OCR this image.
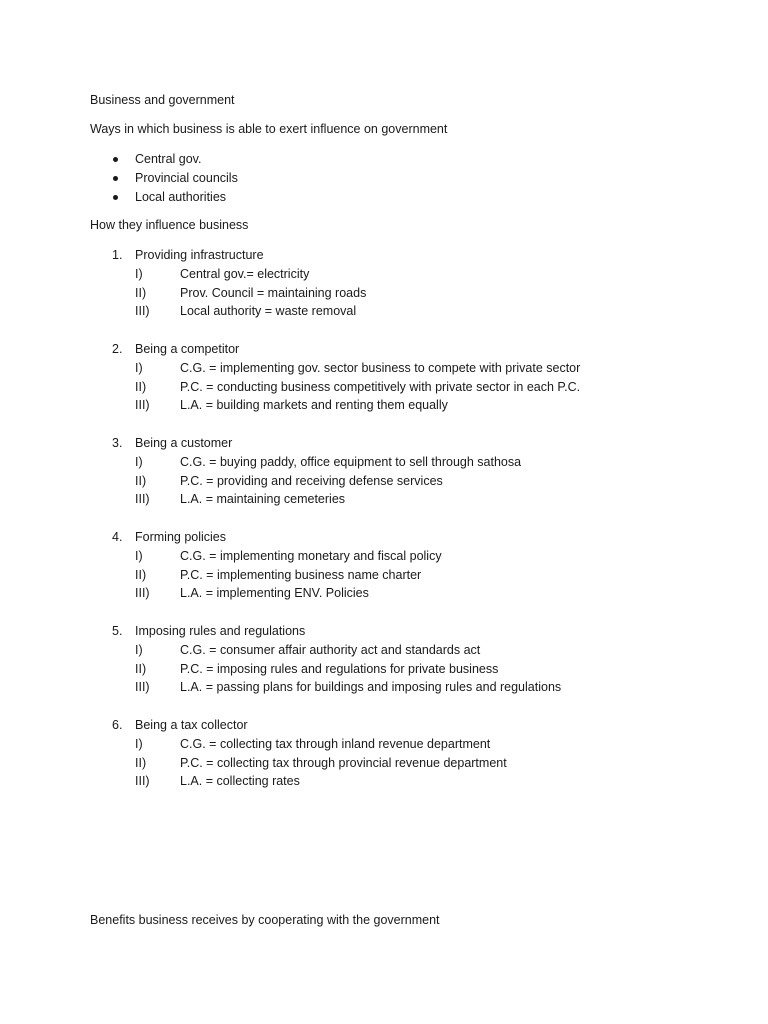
Business and government
Ways in which business is able to exert influence on government
Central gov.
Provincial councils
Local authorities
How they influence business
1. Providing infrastructure
I)	Central gov.= electricity
II)	Prov. Council = maintaining roads
III) Local authority = waste removal
2. Being a competitor
I)	C.G. = implementing gov. sector business to compete with private sector
II)	P.C. = conducting business competitively with private sector in each P.C.
III) L.A. = building markets and renting them equally
3. Being a customer
I)	C.G. = buying paddy, office equipment to sell through sathosa
II)	P.C. = providing and receiving defense services
III) L.A. = maintaining cemeteries
4. Forming policies
I)	C.G. = implementing monetary and fiscal policy
II)	P.C. = implementing business name charter
III) L.A. = implementing ENV. Policies
5. Imposing rules and regulations
I)	C.G. = consumer affair authority act and standards act
II)	P.C. = imposing rules and regulations for private business
III) L.A. = passing plans for buildings and imposing rules and regulations
6. Being a tax collector
I)	C.G. = collecting tax through inland revenue department
II)	P.C. = collecting tax through provincial revenue department
III) L.A. = collecting rates
Benefits business receives by cooperating with the government
